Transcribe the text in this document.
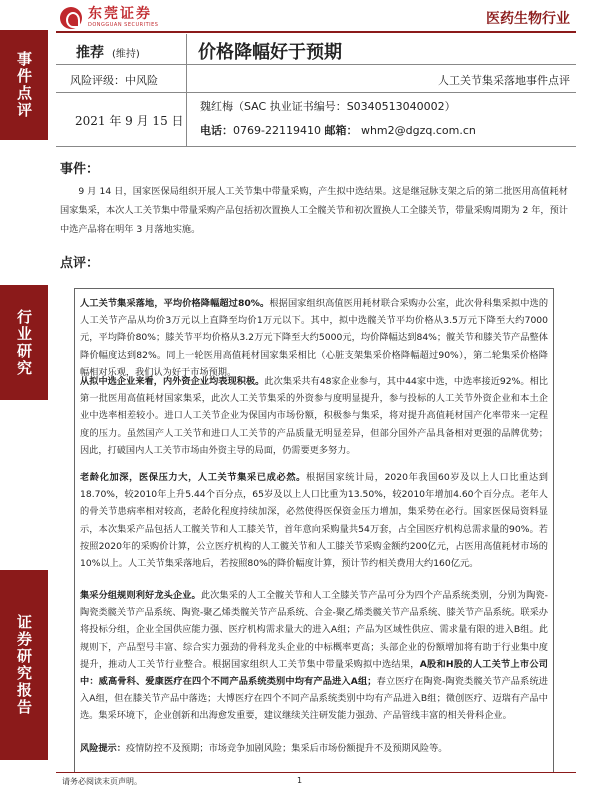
事件点评
行业研究
证券研究报告
东莞证券
DONGGUAN SECURITIES	医药生物行业
推荐 (维持)	价格降幅好于预期
风险评级：中风险	人工关节集采落地事件点评
2021 年 9 月 15 日
魏红梅（SAC 执业证书编号：S0340513040002）
电话：0769-22119410 邮箱： whm2@dgzq.com.cn
事件：
9 月 14 日，国家医保局组织开展人工关节集中带量采购，产生拟中选结果。这是继冠脉支架之后的第二批医用高值耗材国家集采，本次人工关节集中带量采购产品包括初次置换人工全髋关节和初次置换人工全膝关节，带量采购周期为 2 年，预计中选产品将在明年 3 月落地实施。
点评：
人工关节集采落地，平均价格降幅超过80%。根据国家组织高值医用耗材联合采购办公室，此次骨科集采拟中选的人工关节产品从均价3万元以上直降至均价1万元以下。其中，拟中选髋关节平均价格从3.5万元下降至大约7000元，平均降价80%；膝关节平均价格从3.2万元下降至大约5000元，均价降幅达到84%；髋关节和膝关节产品整体降价幅度达到82%。同上一轮医用高值耗材国家集采相比（心脏支架集采价格降幅超过90%），第二轮集采价格降幅相对乐观，我们认为好于市场预期。
从拟中选企业来看，内外资企业均表现积极。此次集采共有48家企业参与，其中44家中选，中选率接近92%。相比第一批医用高值耗材国家集采，此次人工关节集采的外资参与度明显提升，参与投标的人工关节外资企业和本土企业中选率相差较小。进口人工关节企业为保国内市场份额，积极参与集采，将对提升高值耗材国产化率带来一定程度的压力。虽然国产人工关节和进口人工关节的产品质量无明显差异，但部分国外产品具备相对更强的品牌优势；因此，打破国内人工关节市场由外资主导的局面，仍需要更多努力。
老龄化加深，医保压力大，人工关节集采已成必然。根据国家统计局，2020年我国60岁及以上人口比重达到18.70%，较2010年上升5.44个百分点，65岁及以上人口比重为13.50%，较2010年增加4.60个百分点。老年人的骨关节患病率相对较高，老龄化程度持续加深，必然使得医保资金压力增加，集采势在必行。国家医保局资料显示，本次集采产品包括人工髋关节和人工膝关节，首年意向采购量共54万套，占全国医疗机构总需求量的90%。若按照2020年的采购价计算，公立医疗机构的人工髋关节和人工膝关节采购金额约200亿元，占医用高值耗材市场的10%以上。人工关节集采落地后，若按照80%的降价幅度计算，预计节约相关费用大约160亿元。
集采分组规则利好龙头企业。此次集采的人工全髋关节和人工全膝关节产品可分为四个产品系统类别，分别为陶瓷-陶瓷类髋关节产品系统、陶瓷-聚乙烯类髋关节产品系统、合金-聚乙烯类髋关节产品系统、膝关节产品系统。联采办将投标分组，企业全国供应能力强、医疗机构需求量大的进入A组；产品为区域性供应、需求量有限的进入B组。此规则下，产品型号丰富、综合实力强劲的骨科龙头企业的中标概率更高；头部企业的份额增加将有助于行业集中度提升，推动人工关节行业整合。根据国家组织人工关节集中带量采购拟中选结果，A股和H股的人工关节上市公司中：威高骨科、爱康医疗在四个不同产品系统类别中均有产品进入A组；春立医疗在陶瓷-陶瓷类髋关节产品系统进入A组，但在膝关节产品中落选；大博医疗在四个不同产品系统类别中均有产品进入B组；微创医疗、迈瑞有产品中选。集采环境下，企业创新和出海愈发重要，建议继续关注研发能力强劲、产品管线丰富的相关骨科企业。
风险提示：疫情防控不及预期；市场竞争加剧风险；集采后市场份额提升不及预期风险等。
请务必阅读末页声明。	1
